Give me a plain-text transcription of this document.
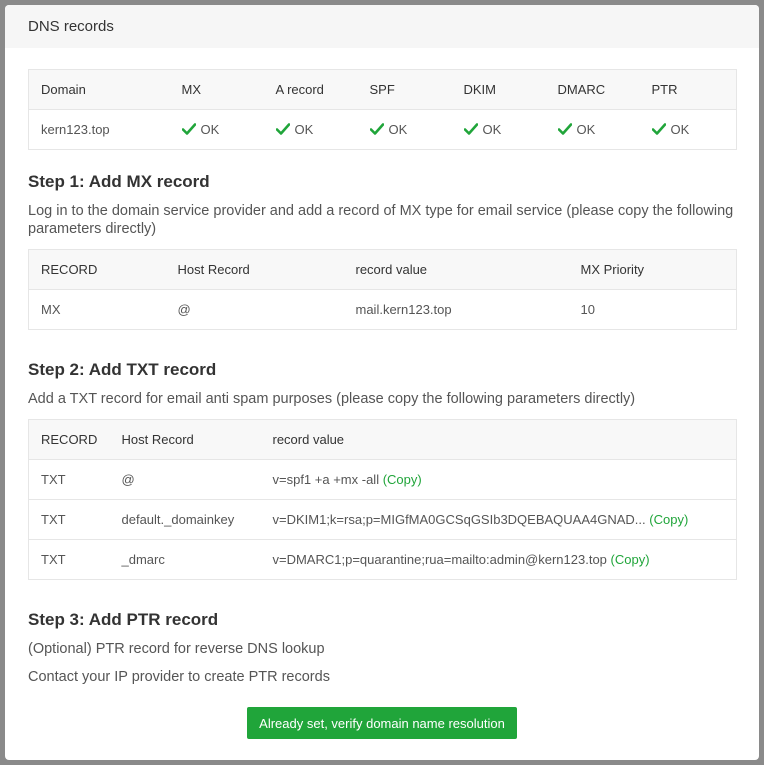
DNS records
Domain	MX	A record	SPF	DKIM	DMARC	PTR
kern123.top	OK	OK	OK	OK	OK	OK
Step 1: Add MX record

Log in to the domain service provider and add a record of MX type for email service (please copy the following parameters directly)

RECORD	Host Record	record value	MX Priority
MX	@	mail.kern123.top	10
Step 2: Add TXT record

Add a TXT record for email anti spam purposes (please copy the following parameters directly)

RECORD	Host Record	record value
TXT	@	v=spf1 +a +mx -all (Copy)
TXT	default._domainkey	v=DKIM1;k=rsa;p=MIGfMA0GCSqGSIb3DQEBAQUAA4GNAD... (Copy)
TXT	_dmarc	v=DMARC1;p=quarantine;rua=mailto:admin@kern123.top (Copy)
Step 3: Add PTR record

(Optional) PTR record for reverse DNS lookup

Contact your IP provider to create PTR records

Already set, verify domain name resolution
